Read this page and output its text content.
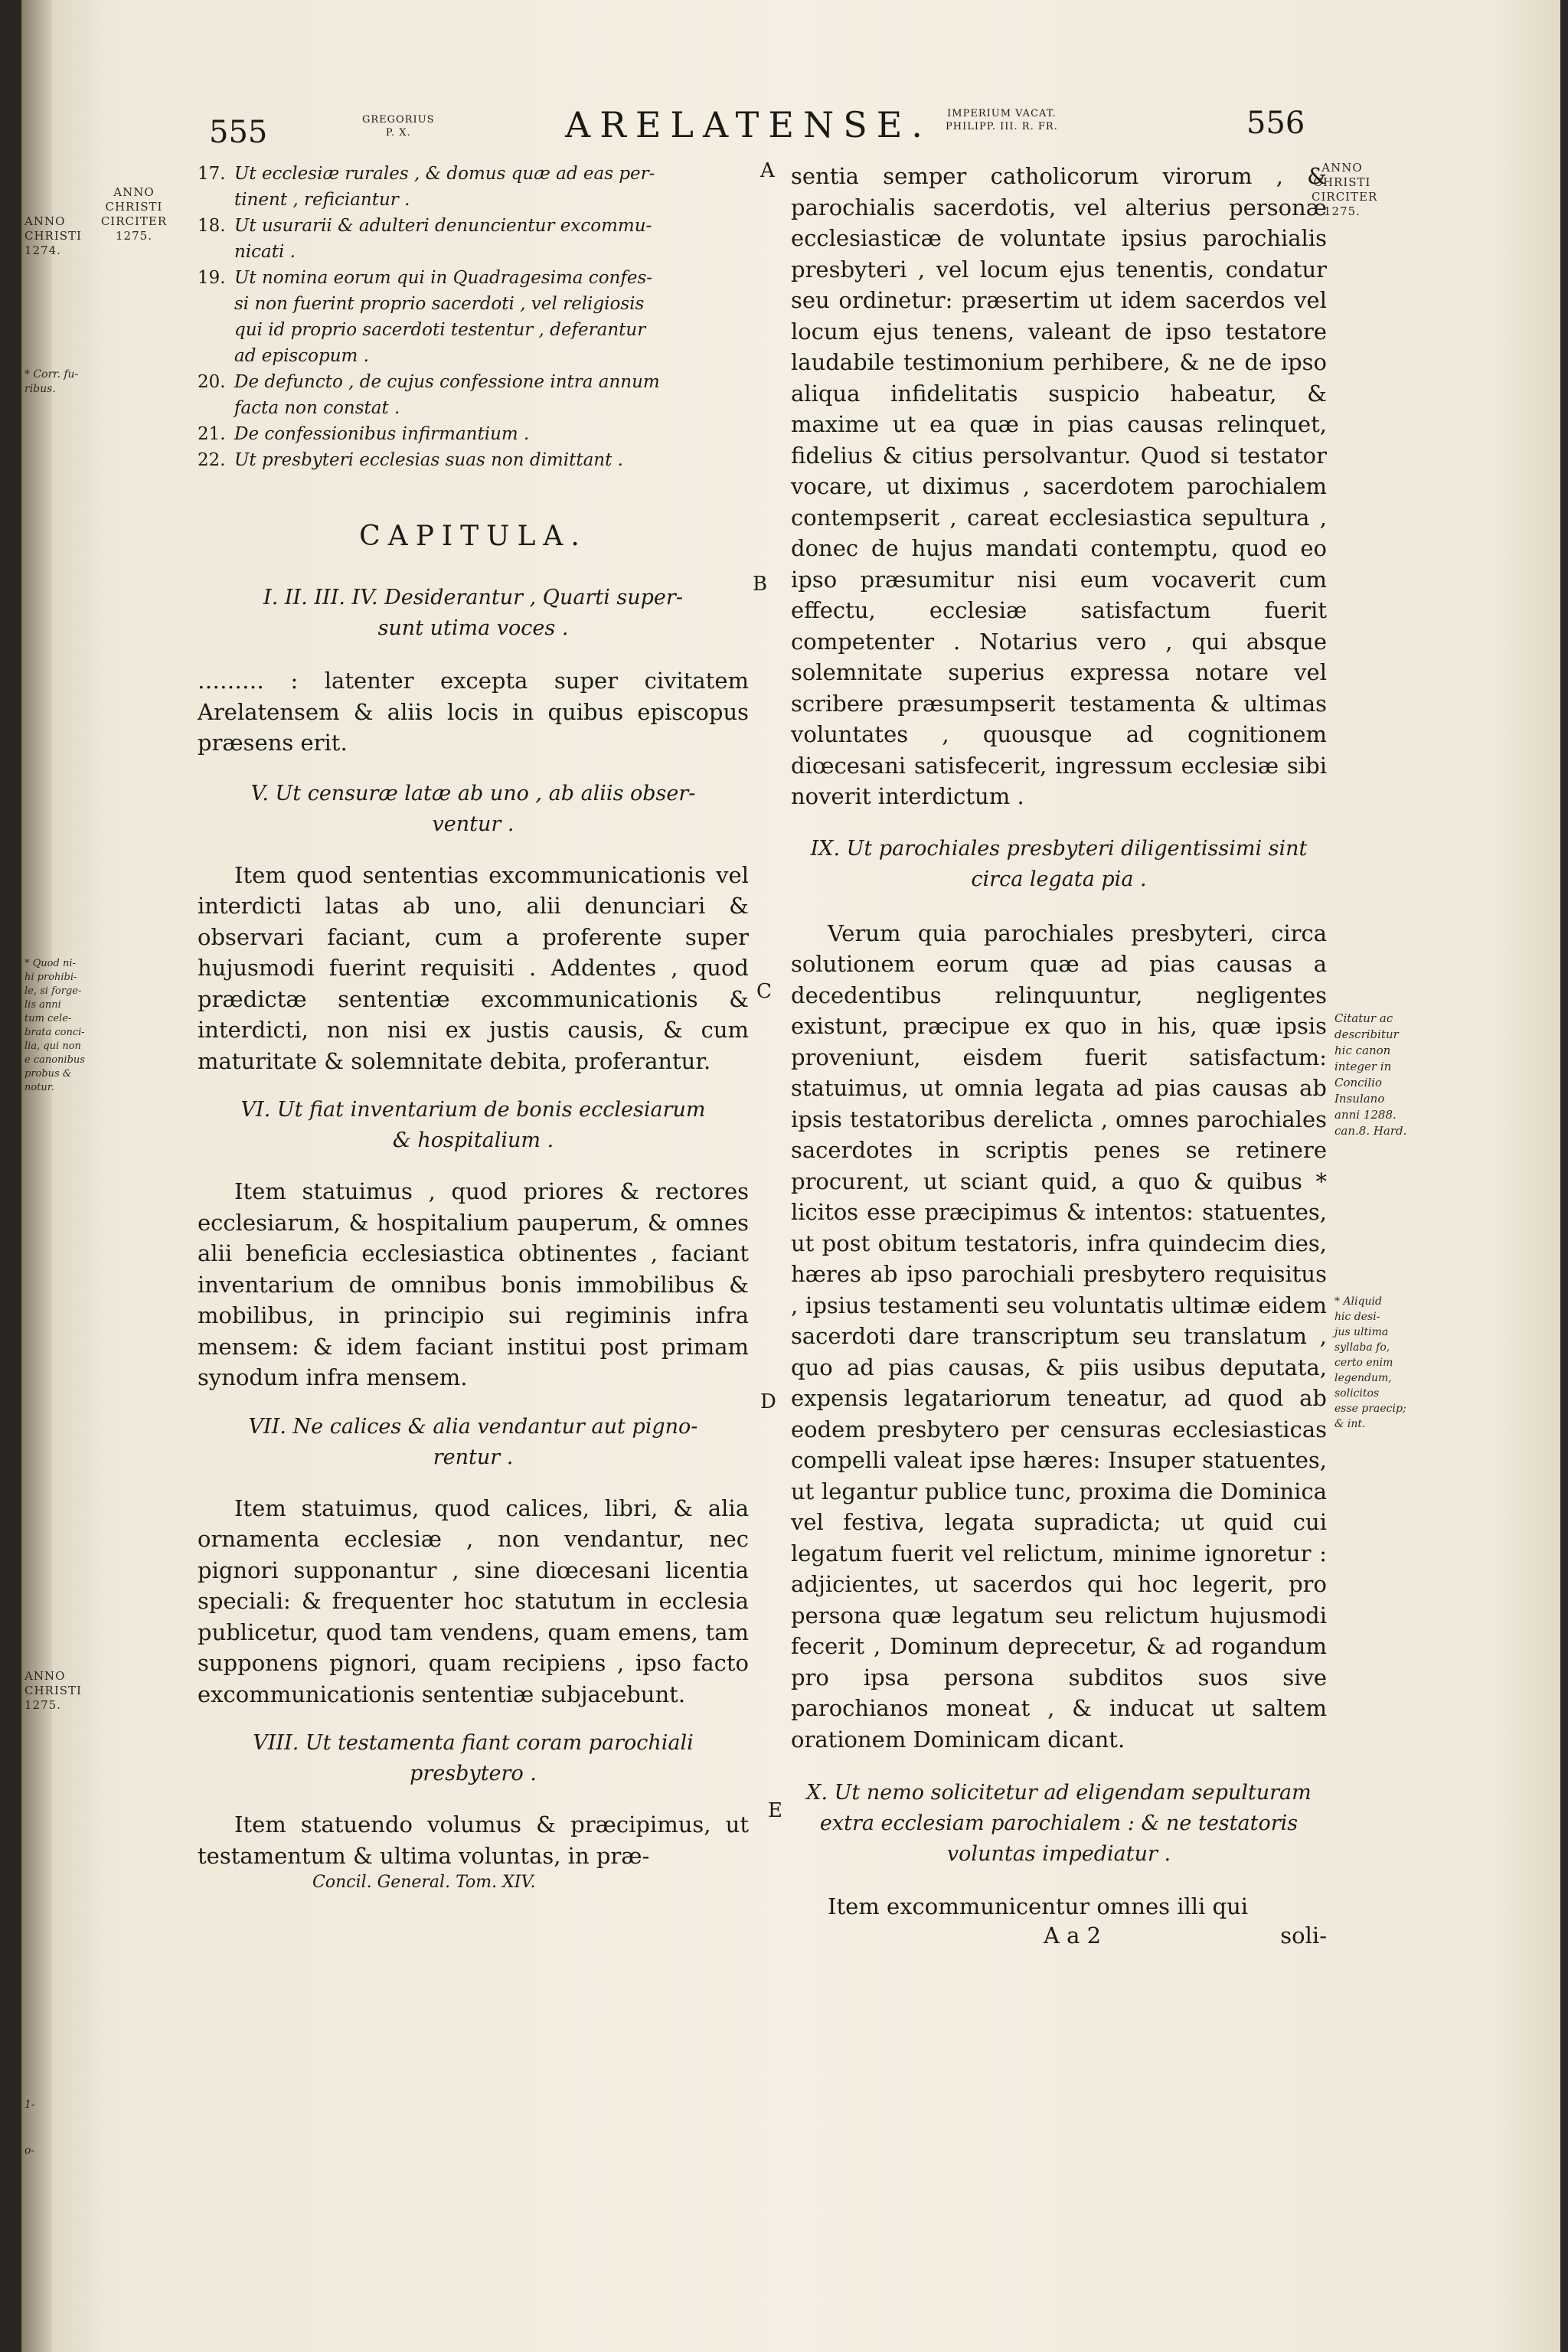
ANNO
CHRISTI
1274.
* Corr. fu-
ribus.
* Quod ni-
hi prohibi-
le, si forge-
lis anni
tum cele-
brata conci-
lia, qui non
e canonibus
probus &
notur.
ANNO
CHRISTI
1275.
1-
o-
555	GREGORIUS
P. X.	ARELATENSE. IMPERIUM VACAT.
PHILIPP. III. R. FR.	556
ANNO
CHRISTI
CIRCITER
1275.
ANNO
CHRISTI
CIRCITER
1275.
A
B
C
D
E
Citatur ac
describitur
hic canon
integer in
Concilio
Insulano
anni 1288.
can.8. Hard.
* Aliquid
hic desi-
jus ultima
syllaba fo,
certo enim
legendum,
solicitos
esse praecip;
& int.
17. Ut ecclesiæ rurales , & domus quæ ad eas per-
tinent , reficiantur .
18. Ut usurarii & adulteri denuncientur excommu-
nicati .
19. Ut nomina eorum qui in Quadragesima confes-
si non fuerint proprio sacerdoti , vel religiosis
qui id proprio sacerdoti testentur , deferantur
ad episcopum .
20. De defuncto , de cujus confessione intra annum
facta non constat .
21. De confessionibus infirmantium .
22. Ut presbyteri ecclesias suas non dimittant .
CAPITULA.

I. II. III. IV. Desiderantur , Quarti super-
sunt utima voces .

……… : latenter excepta super civitatem Arelatensem & aliis locis in quibus episcopus præsens erit.

V. Ut censuræ latæ ab uno , ab aliis obser-
ventur .

Item quod sententias excommunicationis vel interdicti latas ab uno, alii denunciari & observari faciant, cum a proferente super hujusmodi fuerint requisiti . Addentes , quod prædictæ sententiæ excommunicationis & interdicti, non nisi ex justis causis, & cum maturitate & solemnitate debita, proferantur.

VI. Ut fiat inventarium de bonis ecclesiarum
& hospitalium .

Item statuimus , quod priores & rectores ecclesiarum, & hospitalium pauperum, & omnes alii beneficia ecclesiastica obtinentes , faciant inventarium de omnibus bonis immobilibus & mobilibus, in principio sui regiminis infra mensem: & idem faciant institui post primam synodum infra mensem.

VII. Ne calices & alia vendantur aut pigno-
rentur .

Item statuimus, quod calices, libri, & alia ornamenta ecclesiæ , non vendantur, nec pignori supponantur , sine diœcesani licentia speciali: & frequenter hoc statutum in ecclesia publicetur, quod tam vendens, quam emens, tam supponens pignori, quam recipiens , ipso facto excommunicationis sententiæ subjacebunt.

VIII. Ut testamenta fiant coram parochiali
presbytero .

Item statuendo volumus & præcipimus, ut testamentum & ultima voluntas, in præ-

Concil. General. Tom. XIV.

sentia semper catholicorum virorum , & parochialis sacerdotis, vel alterius personæ ecclesiasticæ de voluntate ipsius parochialis presbyteri , vel locum ejus tenentis, condatur seu ordinetur: præsertim ut idem sacerdos vel locum ejus tenens, valeant de ipso testatore laudabile testimonium perhibere, & ne de ipso aliqua infidelitatis suspicio habeatur, & maxime ut ea quæ in pias causas relinquet, fidelius & citius persolvantur. Quod si testator vocare, ut diximus , sacerdotem parochialem contempserit , careat ecclesiastica sepultura , donec de hujus mandati contemptu, quod eo ipso præsumitur nisi eum vocaverit cum effectu, ecclesiæ satisfactum fuerit competenter . Notarius vero , qui absque solemnitate superius expressa notare vel scribere præsumpserit testamenta & ultimas voluntates , quousque ad cognitionem diœcesani satisfecerit, ingressum ecclesiæ sibi noverit interdictum .

IX. Ut parochiales presbyteri diligentissimi sint
circa legata pia .

Verum quia parochiales presbyteri, circa solutionem eorum quæ ad pias causas a decedentibus relinquuntur, negligentes existunt, præcipue ex quo in his, quæ ipsis proveniunt, eisdem fuerit satisfactum: statuimus, ut omnia legata ad pias causas ab ipsis testatoribus derelicta , omnes parochiales sacerdotes in scriptis penes se retinere procurent, ut sciant quid, a quo & quibus * licitos esse præcipimus & intentos: statuentes, ut post obitum testatoris, infra quindecim dies, hæres ab ipso parochiali presbytero requisitus , ipsius testamenti seu voluntatis ultimæ eidem sacerdoti dare transcriptum seu translatum , quo ad pias causas, & piis usibus deputata, expensis legatariorum teneatur, ad quod ab eodem presbytero per censuras ecclesiasticas compelli valeat ipse hæres: Insuper statuentes, ut legantur publice tunc, proxima die Dominica vel festiva, legata supradicta; ut quid cui legatum fuerit vel relictum, minime ignoretur : adjicientes, ut sacerdos qui hoc legerit, pro persona quæ legatum seu relictum hujusmodi fecerit , Dominum deprecetur, & ad rogandum pro ipsa persona subditos suos sive parochianos moneat , & inducat ut saltem orationem Dominicam dicant.

X. Ut nemo solicitetur ad eligendam sepulturam
extra ecclesiam parochialem : & ne testatoris
voluntas impediatur .

Item excommunicentur omnes illi qui

A a 2	soli-
